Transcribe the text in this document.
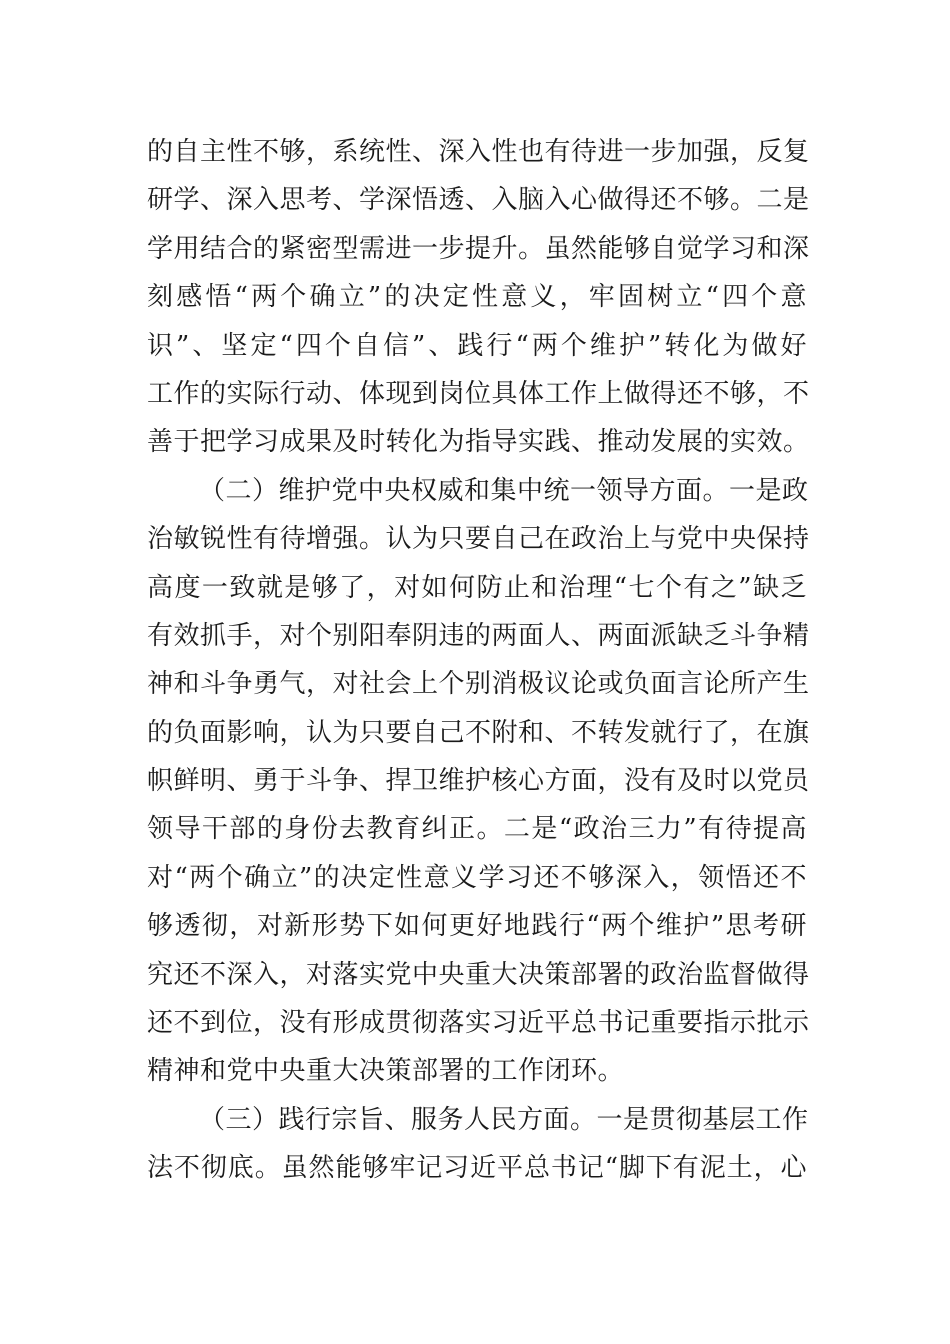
的自主性不够，系统性、深入性也有待进一步加强，反复
研学、深入思考、学深悟透、入脑入心做得还不够。二是
学用结合的紧密型需进一步提升。虽然能够自觉学习和深
刻感悟“两个确立”的决定性意义，牢固树立“四个意
识”、坚定“四个自信”、践行“两个维护”转化为做好
工作的实际行动、体现到岗位具体工作上做得还不够，不
善于把学习成果及时转化为指导实践、推动发展的实效。
（二）维护党中央权威和集中统一领导方面。一是政
治敏锐性有待增强。认为只要自己在政治上与党中央保持
高度一致就是够了，对如何防止和治理“七个有之”缺乏
有效抓手，对个别阳奉阴违的两面人、两面派缺乏斗争精
神和斗争勇气，对社会上个别消极议论或负面言论所产生
的负面影响，认为只要自己不附和、不转发就行了，在旗
帜鲜明、勇于斗争、捍卫维护核心方面，没有及时以党员
领导干部的身份去教育纠正。二是“政治三力”有待提高
对“两个确立”的决定性意义学习还不够深入，领悟还不
够透彻，对新形势下如何更好地践行“两个维护”思考研
究还不深入，对落实党中央重大决策部署的政治监督做得
还不到位，没有形成贯彻落实习近平总书记重要指示批示
精神和党中央重大决策部署的工作闭环。
（三）践行宗旨、服务人民方面。一是贯彻基层工作
法不彻底。虽然能够牢记习近平总书记“脚下有泥土，心
